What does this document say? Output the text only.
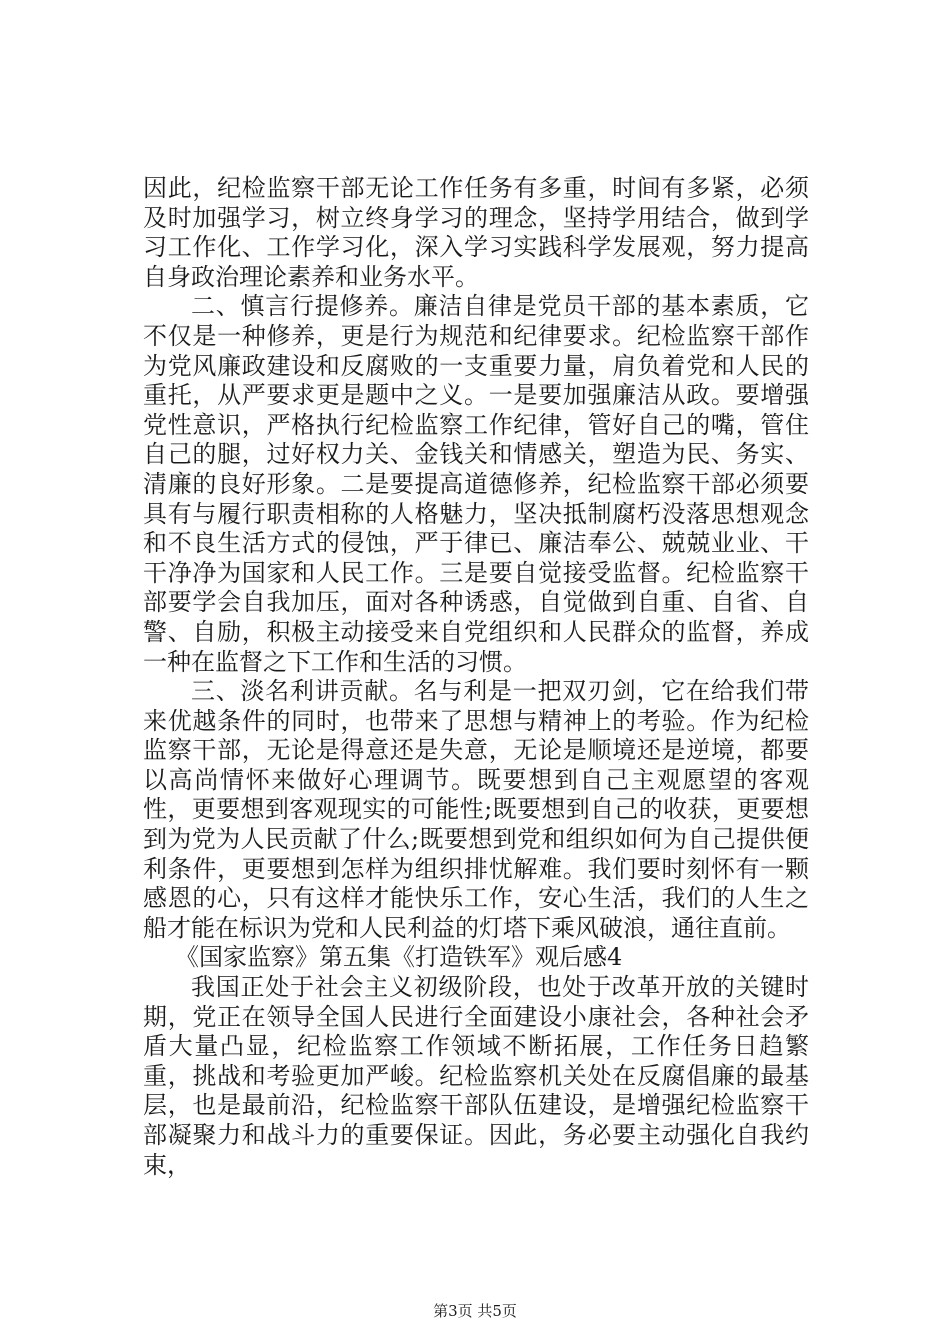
因此，纪检监察干部无论工作任务有多重，时间有多紧，必须及时加强学习，树立终身学习的理念，坚持学用结合，做到学习工作化、工作学习化，深入学习实践科学发展观，努力提高自身政治理论素养和业务水平。

二、慎言行提修养。廉洁自律是党员干部的基本素质，它不仅是一种修养，更是行为规范和纪律要求。纪检监察干部作为党风廉政建设和反腐败的一支重要力量，肩负着党和人民的重托，从严要求更是题中之义。一是要加强廉洁从政。要增强党性意识，严格执行纪检监察工作纪律，管好自己的嘴，管住自己的腿，过好权力关、金钱关和情感关，塑造为民、务实、清廉的良好形象。二是要提高道德修养，纪检监察干部必须要具有与履行职责相称的人格魅力，坚决抵制腐朽没落思想观念和不良生活方式的侵蚀，严于律已、廉洁奉公、兢兢业业、干干净净为国家和人民工作。三是要自觉接受监督。纪检监察干部要学会自我加压，面对各种诱惑，自觉做到自重、自省、自警、自励，积极主动接受来自党组织和人民群众的监督，养成一种在监督之下工作和生活的习惯。

三、淡名利讲贡献。名与利是一把双刃剑，它在给我们带来优越条件的同时，也带来了思想与精神上的考验。作为纪检监察干部，无论是得意还是失意，无论是顺境还是逆境，都要以高尚情怀来做好心理调节。既要想到自己主观愿望的客观性，更要想到客观现实的可能性;既要想到自己的收获，更要想到为党为人民贡献了什么;既要想到党和组织如何为自己提供便利条件，更要想到怎样为组织排忧解难。我们要时刻怀有一颗感恩的心，只有这样才能快乐工作，安心生活，我们的人生之船才能在标识为党和人民利益的灯塔下乘风破浪，通往直前。

《国家监察》第五集《打造铁军》观后感4

我国正处于社会主义初级阶段，也处于改革开放的关键时期，党正在领导全国人民进行全面建设小康社会，各种社会矛盾大量凸显，纪检监察工作领域不断拓展，工作任务日趋繁重，挑战和考验更加严峻。纪检监察机关处在反腐倡廉的最基层，也是最前沿，纪检监察干部队伍建设，是增强纪检监察干部凝聚力和战斗力的重要保证。因此，务必要主动强化自我约束，

第3页 共5页
